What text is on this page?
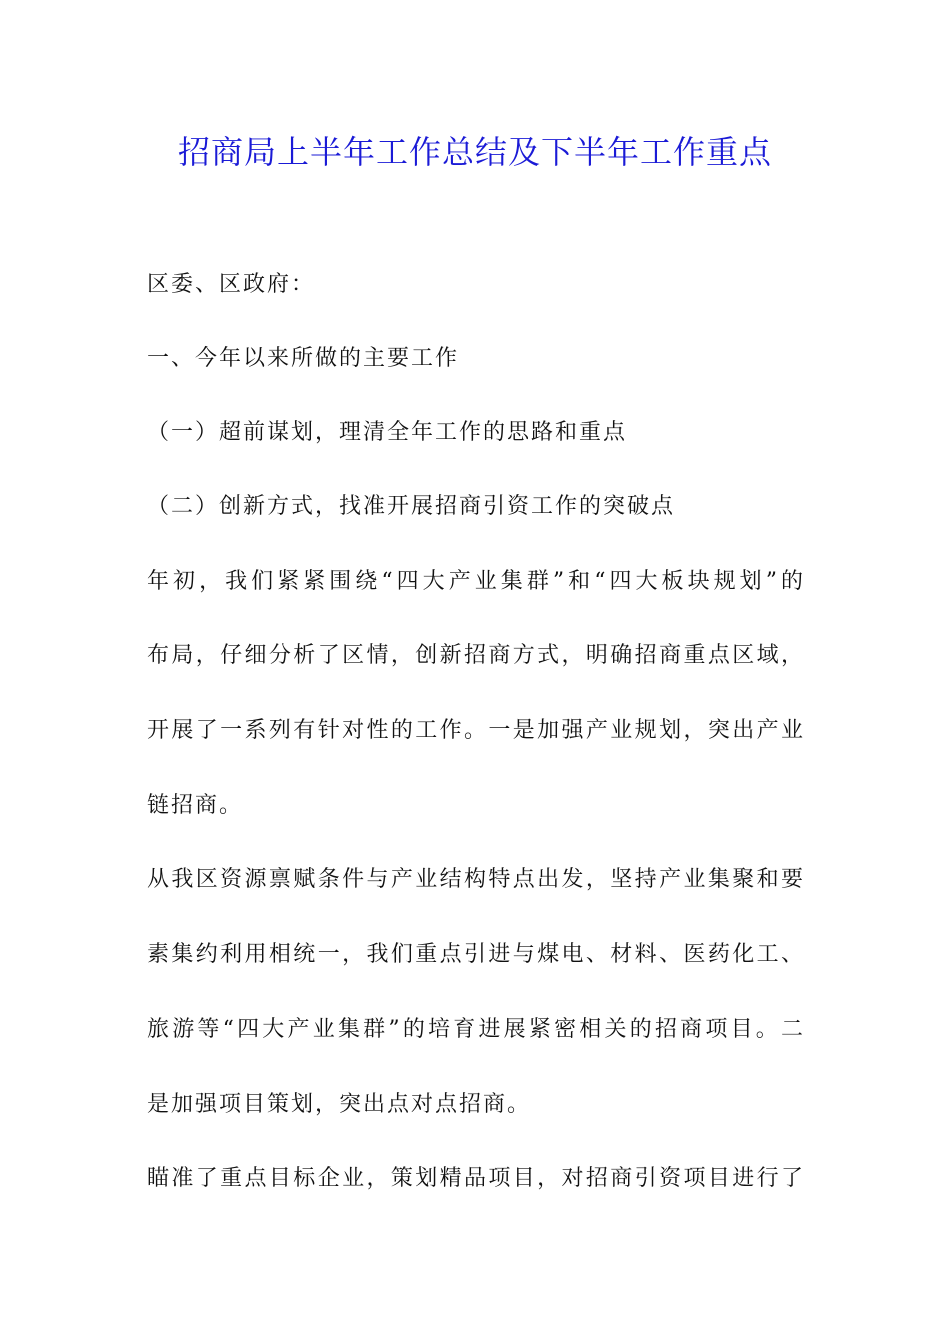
招商局上半年工作总结及下半年工作重点
区委、区政府：
一、今年以来所做的主要工作
（一）超前谋划，理清全年工作的思路和重点
（二）创新方式，找准开展招商引资工作的突破点
年初，我们紧紧围绕“四大产业集群”和“四大板块规划”的
布局，仔细分析了区情，创新招商方式，明确招商重点区域，
开展了一系列有针对性的工作。一是加强产业规划，突出产业
链招商。
从我区资源禀赋条件与产业结构特点出发，坚持产业集聚和要
素集约利用相统一，我们重点引进与煤电、材料、医药化工、
旅游等“四大产业集群”的培育进展紧密相关的招商项目。二
是加强项目策划，突出点对点招商。
瞄准了重点目标企业，策划精品项目，对招商引资项目进行了
